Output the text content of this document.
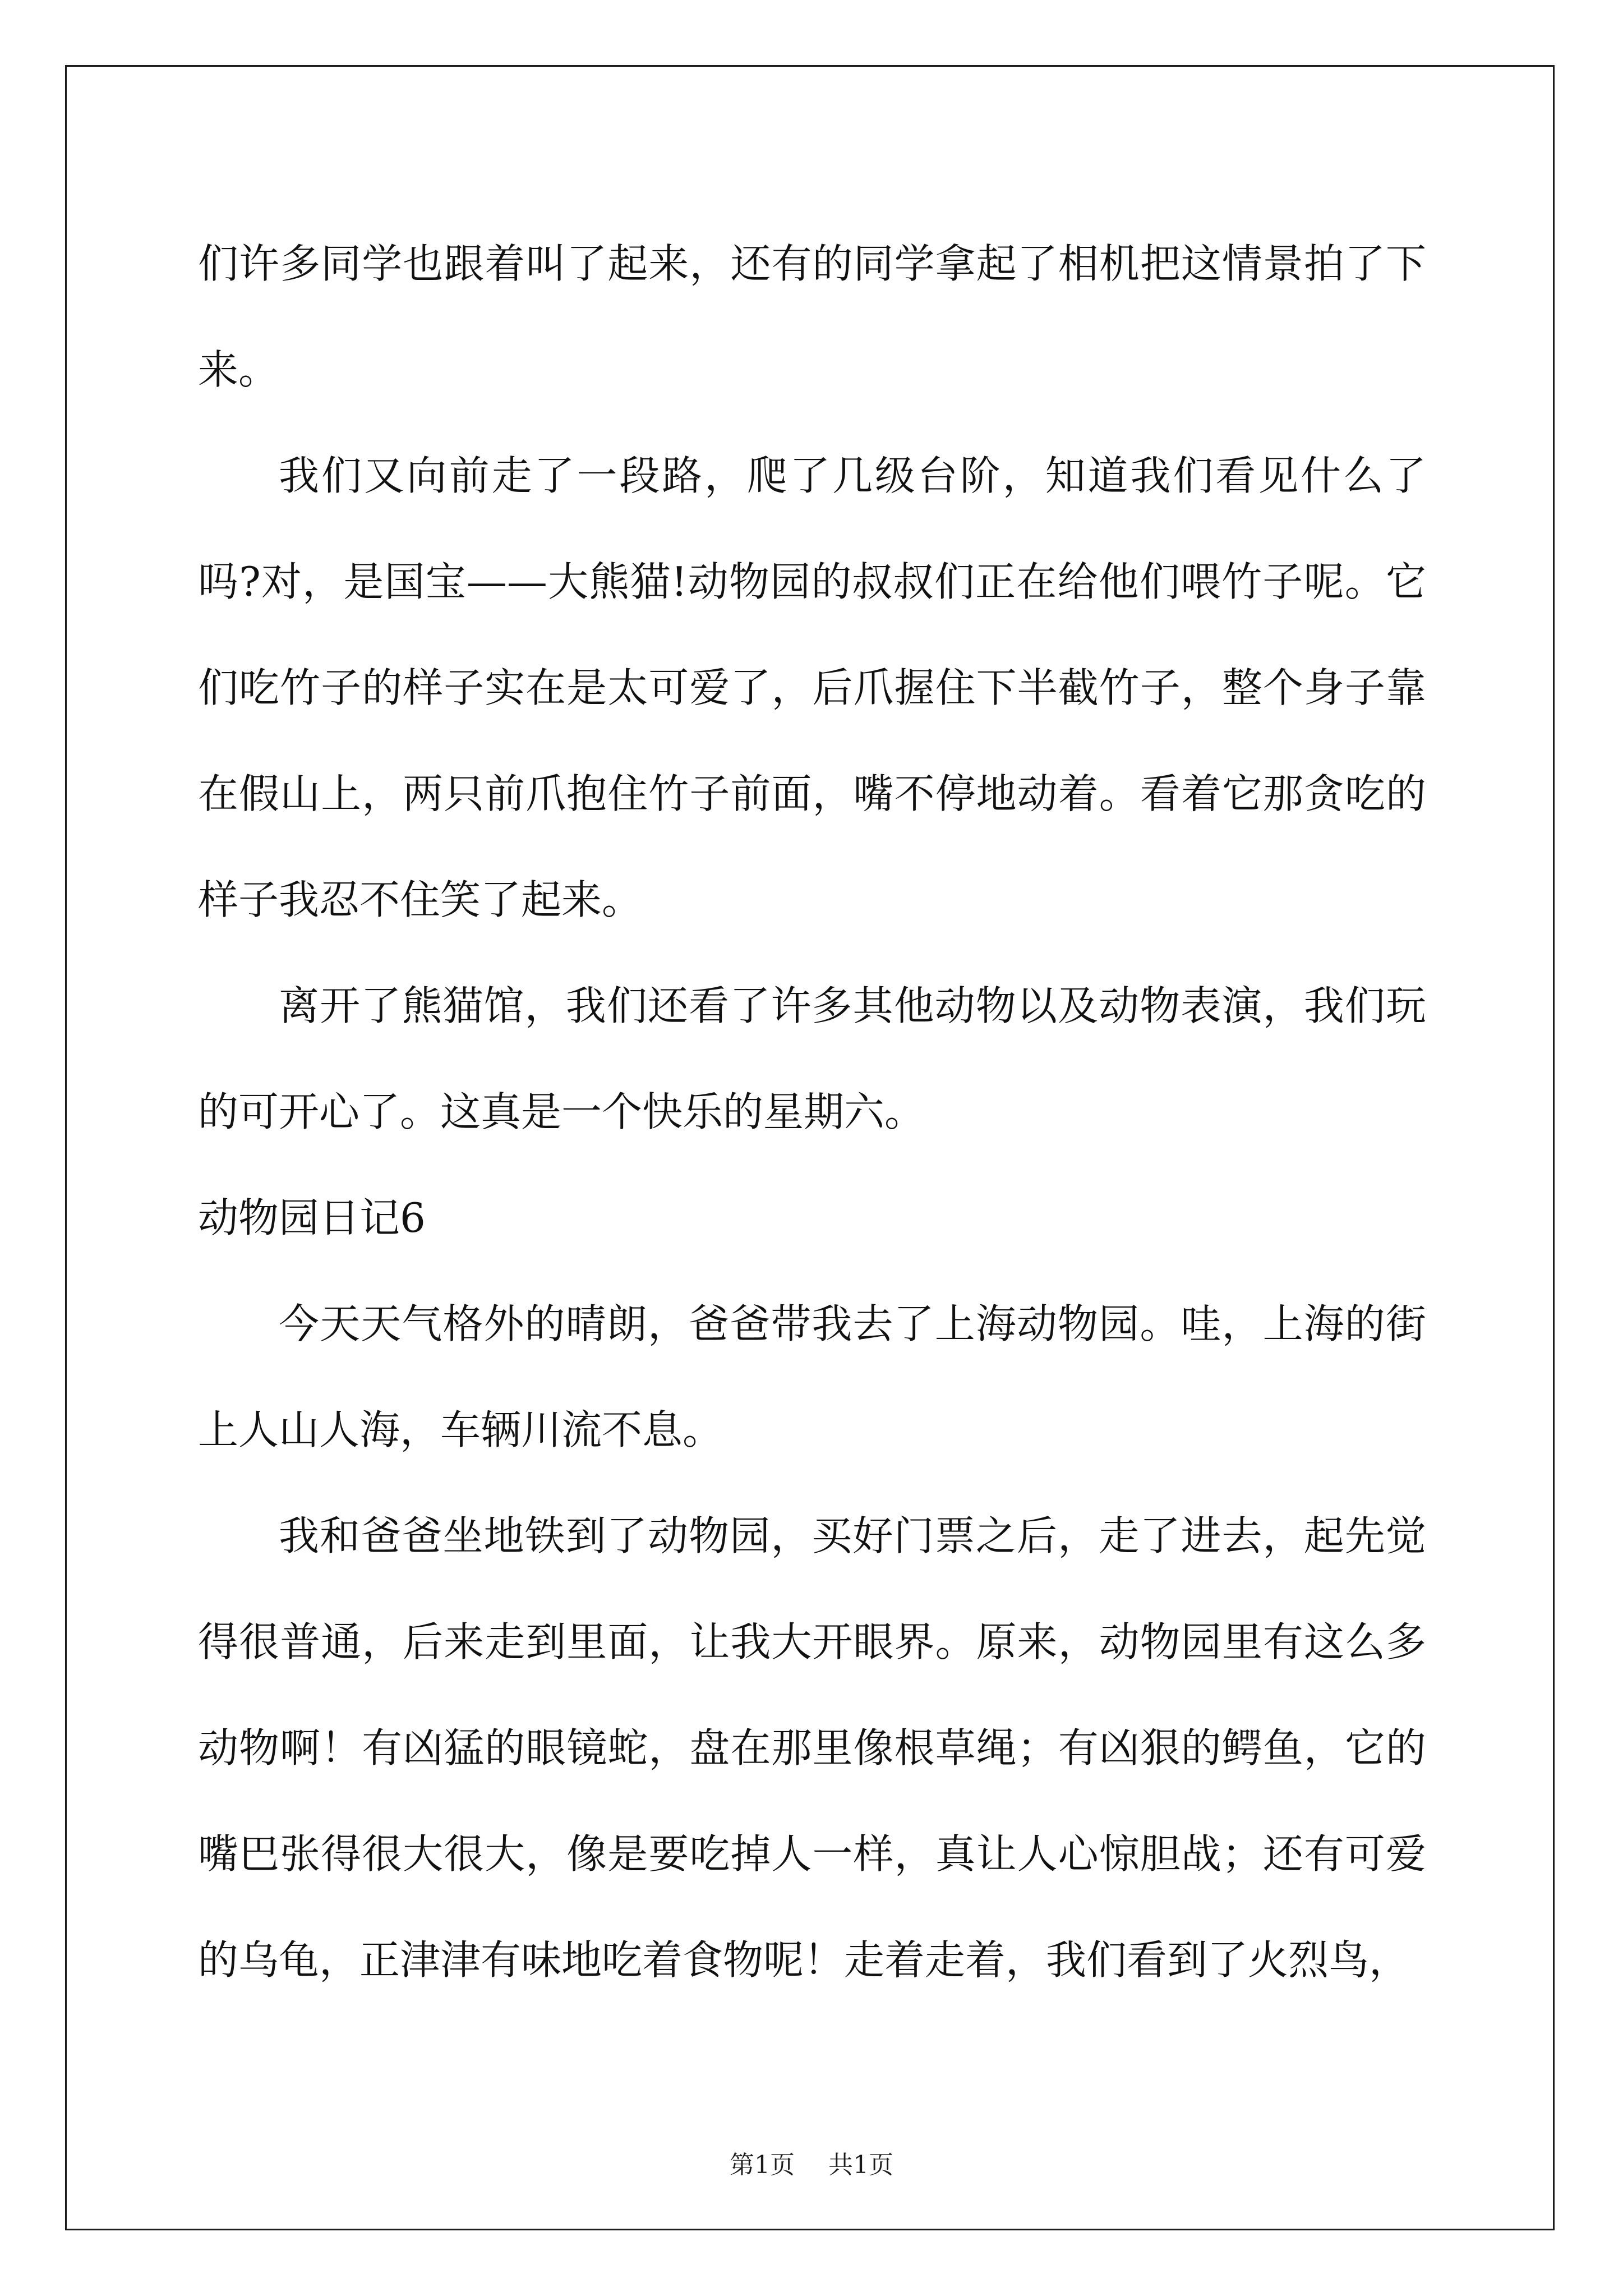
们许多同学也跟着叫了起来，还有的同学拿起了相机把这情景拍了下来。

我们又向前走了一段路，爬了几级台阶，知道我们看见什么了吗?对，是国宝——大熊猫!动物园的叔叔们正在给他们喂竹子呢。它们吃竹子的样子实在是太可爱了，后爪握住下半截竹子，整个身子靠在假山上，两只前爪抱住竹子前面，嘴不停地动着。看着它那贪吃的样子我忍不住笑了起来。

离开了熊猫馆，我们还看了许多其他动物以及动物表演，我们玩的可开心了。这真是一个快乐的星期六。

动物园日记6

今天天气格外的晴朗，爸爸带我去了上海动物园。哇，上海的街上人山人海，车辆川流不息。

我和爸爸坐地铁到了动物园，买好门票之后，走了进去，起先觉得很普通，后来走到里面，让我大开眼界。原来，动物园里有这么多动物啊！有凶猛的眼镜蛇，盘在那里像根草绳；有凶狠的鳄鱼，它的嘴巴张得很大很大，像是要吃掉人一样，真让人心惊胆战；还有可爱的乌龟，正津津有味地吃着食物呢！走着走着，我们看到了火烈鸟，

第1页 共1页
